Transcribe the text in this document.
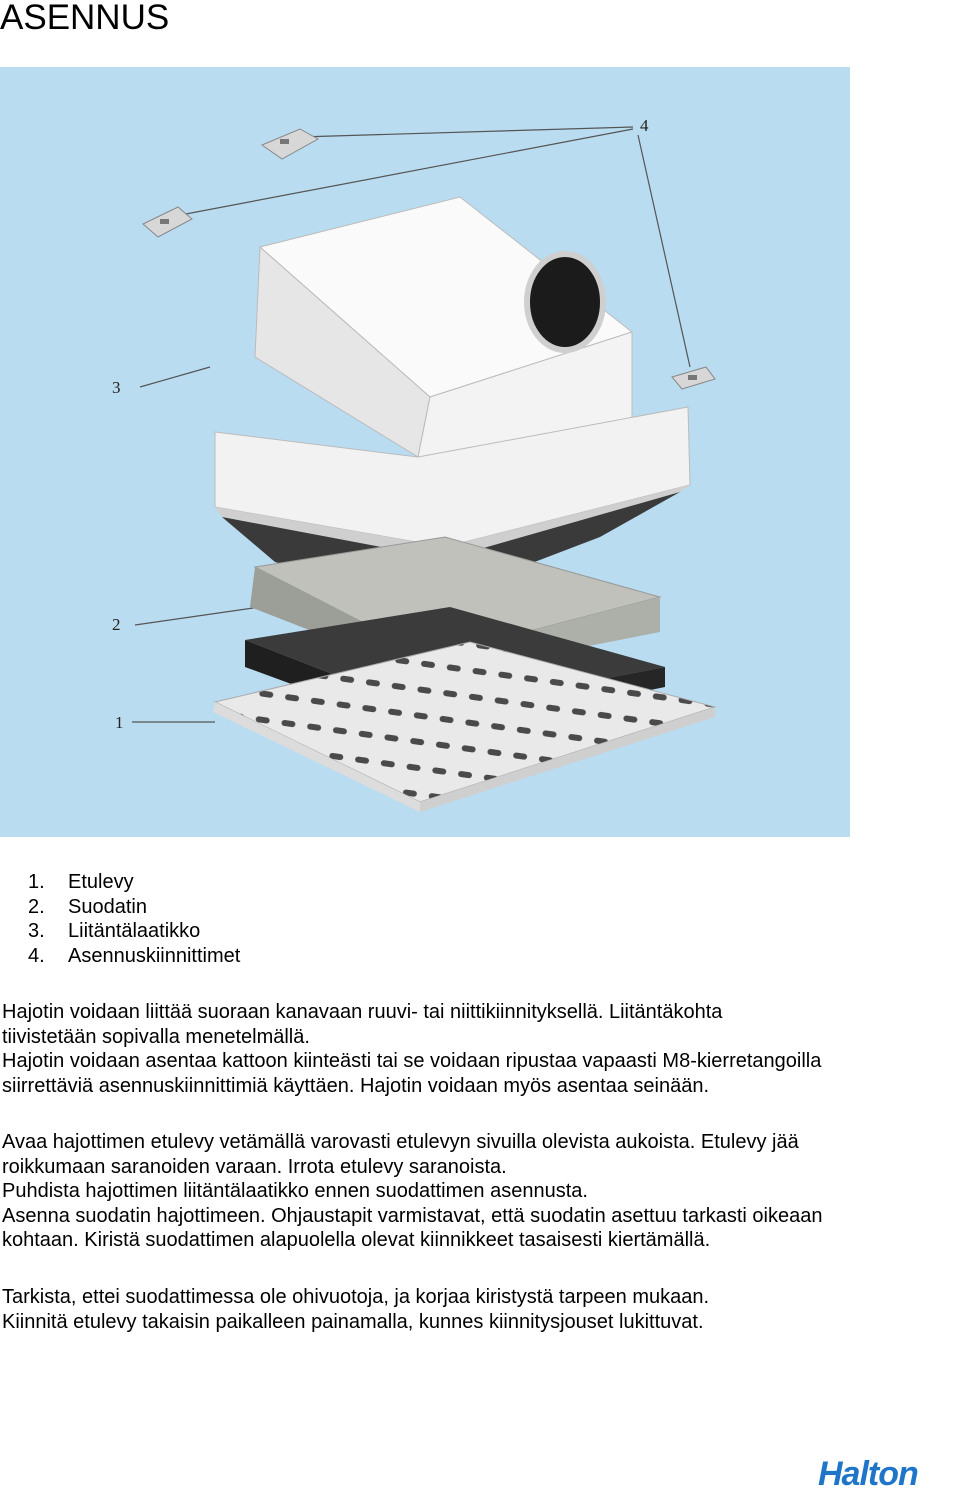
ASENNUS
4
3
2
1
1.	Etulevy
2.	Suodatin
3.	Liitäntälaatikko
4.	Asennuskiinnittimet

Hajotin voidaan liittää suoraan kanavaan ruuvi- tai niittikiinnityksellä. Liitäntäkohta
tiivistetään sopivalla menetelmällä.
Hajotin voidaan asentaa kattoon kiinteästi tai se voidaan ripustaa vapaasti M8-kierretangoilla
siirrettäviä asennuskiinnittimiä käyttäen. Hajotin voidaan myös asentaa seinään.

Avaa hajottimen etulevy vetämällä varovasti etulevyn sivuilla olevista aukoista. Etulevy jää
roikkumaan saranoiden varaan. Irrota etulevy saranoista.
Puhdista hajottimen liitäntälaatikko ennen suodattimen asennusta.
Asenna suodatin hajottimeen. Ohjaustapit varmistavat, että suodatin asettuu tarkasti oikeaan
kohtaan. Kiristä suodattimen alapuolella olevat kiinnikkeet tasaisesti kiertämällä.

Tarkista, ettei suodattimessa ole ohivuotoja, ja korjaa kiristystä tarpeen mukaan.
Kiinnitä etulevy takaisin paikalleen painamalla, kunnes kiinnitysjouset lukittuvat.

Halton
